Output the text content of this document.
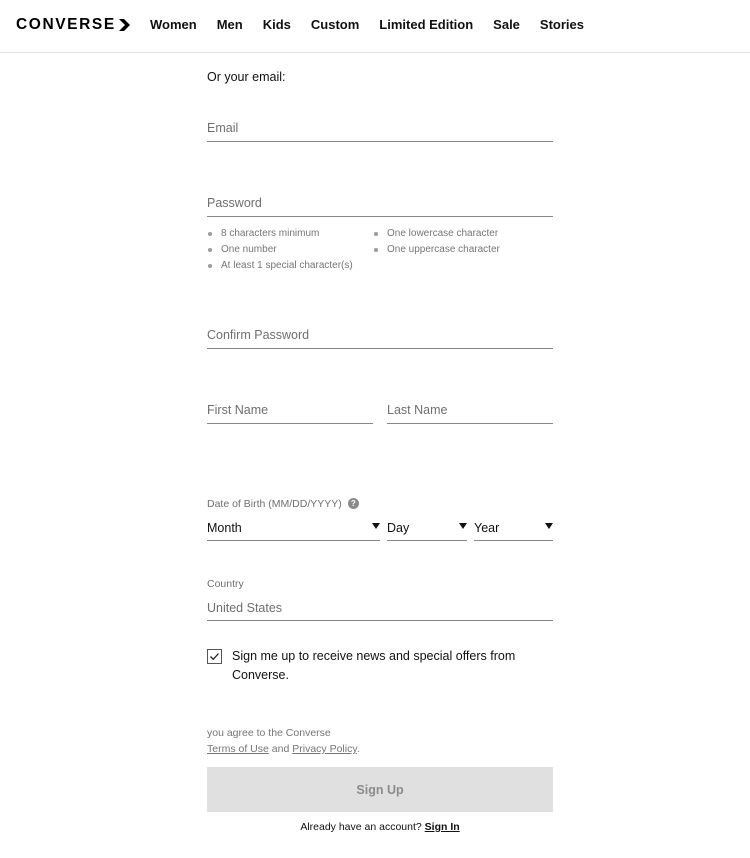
CONVERSE	Women Men Kids Custom Limited Edition Sale Stories
Or your email:
Email
8 characters minimum
One number
At least 1 special character(s)
One lowercase character
One uppercase character
First Name
Last Name
Date of Birth (MM/DD/YYYY) ?
Month	Day	Year
Country
United States
Sign me up to receive news and special offers from Converse.
you agree to the Converse
Terms of Use and Privacy Policy.
Sign Up
Already have an account? Sign In
